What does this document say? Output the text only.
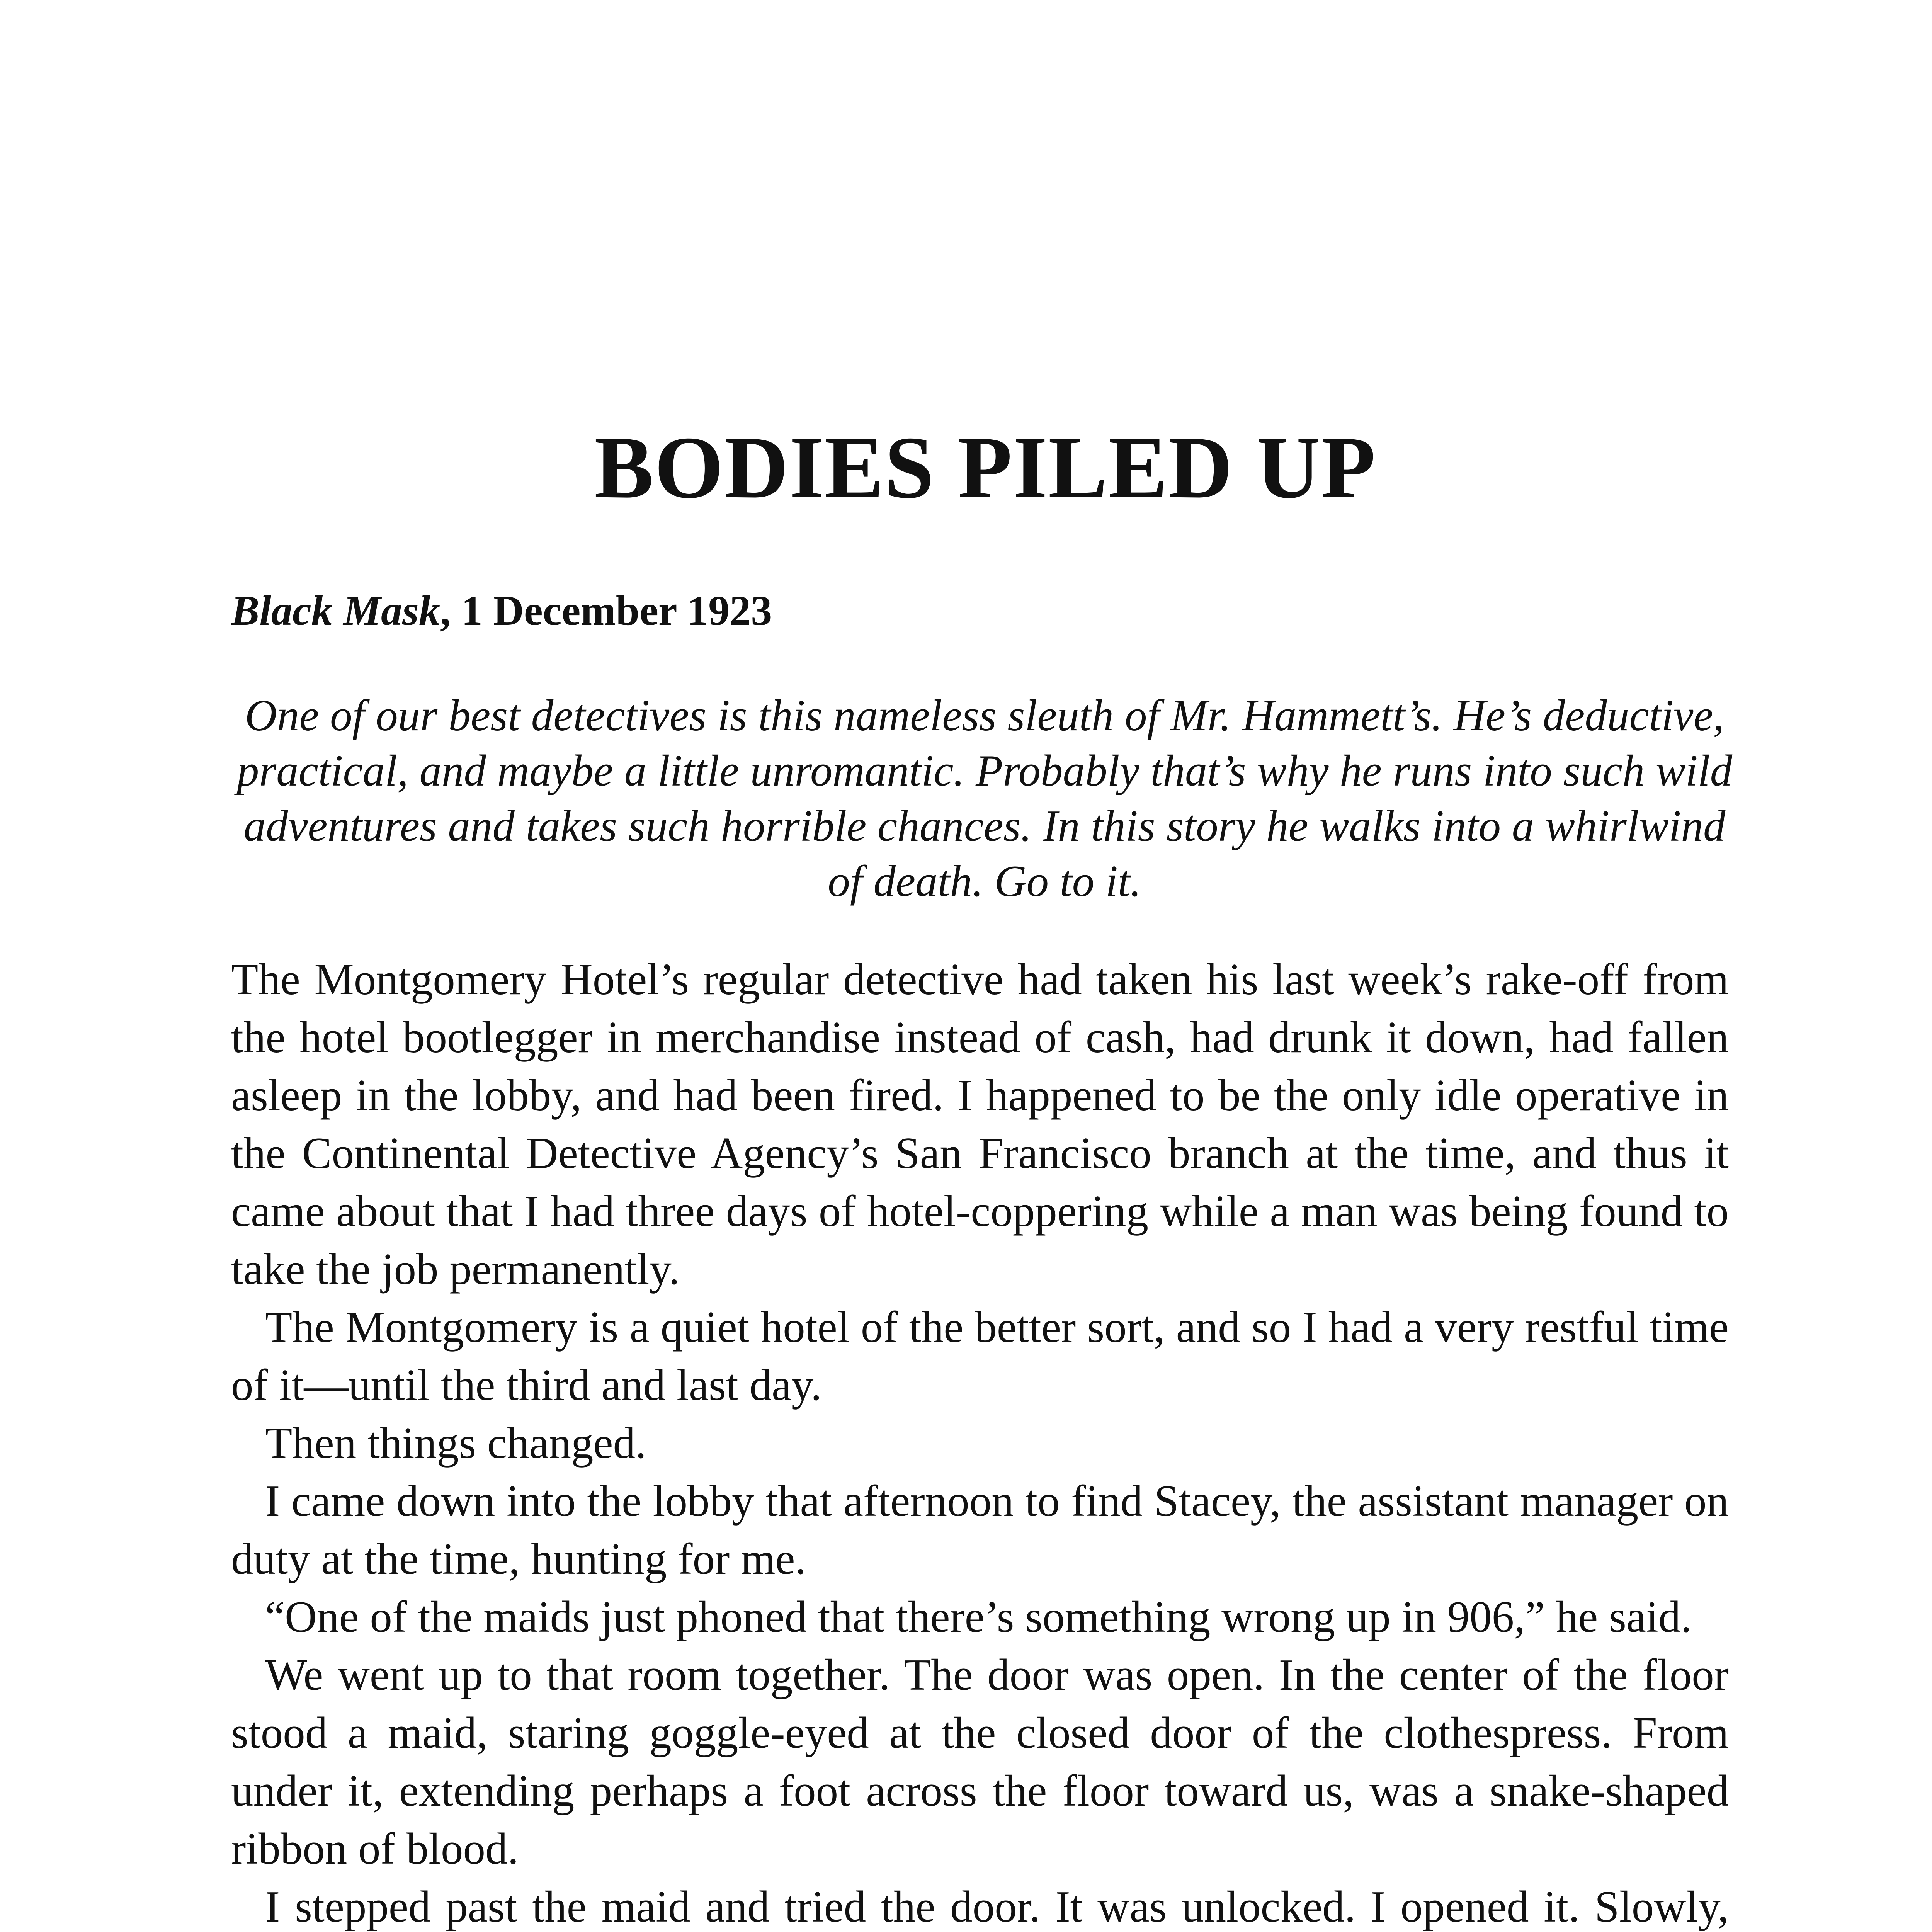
BODIES PILED UP

Black Mask, 1 December 1923

One of our best detectives is this nameless sleuth of Mr. Hammett’s. He’s deductive, practical, and maybe a little unromantic. Probably that’s why he runs into such wild adventures and takes such horrible chances. In this story he walks into a whirlwind of death. Go to it.

The Montgomery Hotel’s regular detective had taken his last week’s rake-off from the hotel bootlegger in merchandise instead of cash, had drunk it down, had fallen asleep in the lobby, and had been fired. I happened to be the only idle operative in the Continental Detective Agency’s San Francisco branch at the time, and thus it came about that I had three days of hotel-coppering while a man was being found to take the job permanently.

The Montgomery is a quiet hotel of the better sort, and so I had a very restful time of it—until the third and last day.

Then things changed.

I came down into the lobby that afternoon to find Stacey, the assistant manager on duty at the time, hunting for me.

“One of the maids just phoned that there’s something wrong up in 906,” he said.

We went up to that room together. The door was open. In the center of the floor stood a maid, staring goggle-eyed at the closed door of the clothespress. From under it, extending perhaps a foot across the floor toward us, was a snake-shaped ribbon of blood.

I stepped past the maid and tried the door. It was unlocked. I opened it. Slowly,
